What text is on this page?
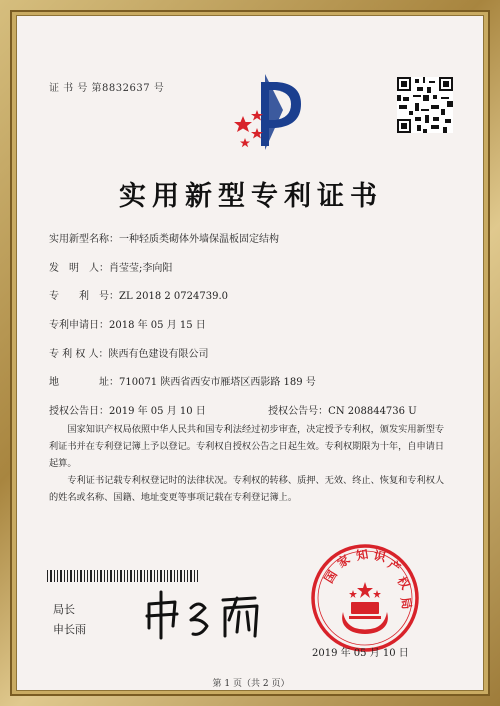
证 书 号 第8832637 号
实用新型专利证书
实用新型名称：一种轻质类砌体外墙保温板固定结构
发　明　人：肖莹莹;李向阳
专　　利　号：ZL 2018 2 0724739.0
专利申请日：2018 年 05 月 15 日
专 利 权 人：陕西有色建设有限公司
地　　　　址：710071 陕西省西安市雁塔区西影路 189 号
授权公告日：2019 年 05 月 10 日	授权公告号：CN 208844736 U
国家知识产权局依照中华人民共和国专利法经过初步审查，决定授予专利权，颁发实用新型专利证书并在专利登记簿上予以登记。专利权自授权公告之日起生效。专利权期限为十年，自申请日起算。
专利证书记载专利权登记时的法律状况。专利权的转移、质押、无效、终止、恢复和专利权人的姓名或名称、国籍、地址变更等事项记载在专利登记簿上。
局长
申长雨
国
家 知 识
产
权
局
2019 年 05 月 10 日
第 1 页（共 2 页）
